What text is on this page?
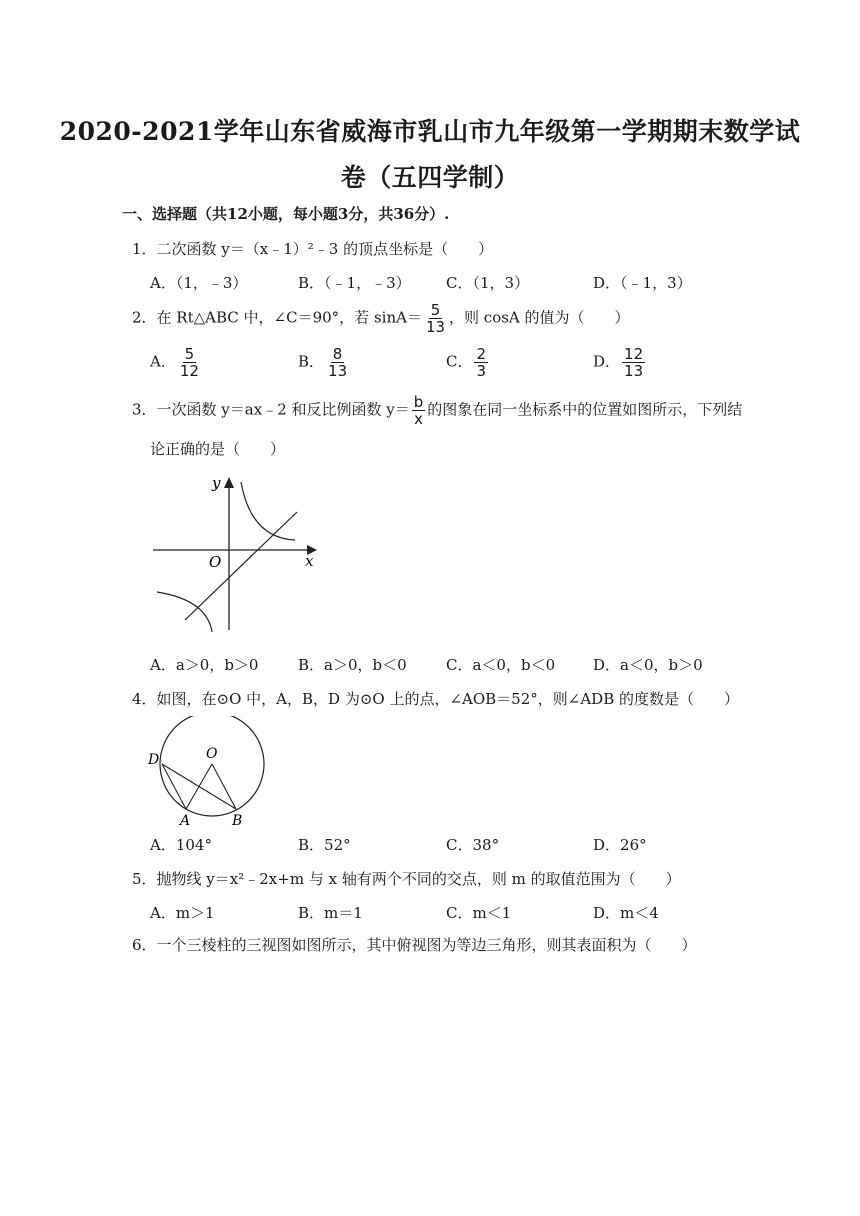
2020-2021学年山东省威海市乳山市九年级第一学期期末数学试
卷（五四学制）
一、选择题（共12小题，每小题3分，共36分）.
1．二次函数 y＝（x﹣1）²﹣3 的顶点坐标是（　　）
A．（1，﹣3）	B．（﹣1，﹣3） C．（1，3）	D．（﹣1，3）
2．在 Rt△ABC 中，∠C＝90°，若 $\sin A= \frac{5}{13}$ ，则 cosA 的值为（　　）
A． $\frac{5}{12}$	B． $\frac{8}{13}$	C． $\frac{2}{3}$	D． $\frac{12}{13}$
3．一次函数 y＝ax﹣2 和反比例函数 $y= \frac{b}{x}$ 的图象在同一坐标系中的位置如图所示，下列结
论正确的是（　　）
y
x
O
A．a＞0，b＞0	B．a＞0，b＜0	C．a＜0，b＜0	D．a＜0，b＞0
4．如图，在⊙O 中，A，B，D 为⊙O 上的点，∠AOB＝52°，则∠ADB 的度数是（　　）
D	O
A	B
A．104°	B．52°	C．38°	D．26°
5．抛物线 y＝x²﹣2x+m 与 x 轴有两个不同的交点，则 m 的取值范围为（　　）
A．m＞1	B．m＝1	C．m＜1	D．m＜4
6．一个三棱柱的三视图如图所示，其中俯视图为等边三角形，则其表面积为（　　）
